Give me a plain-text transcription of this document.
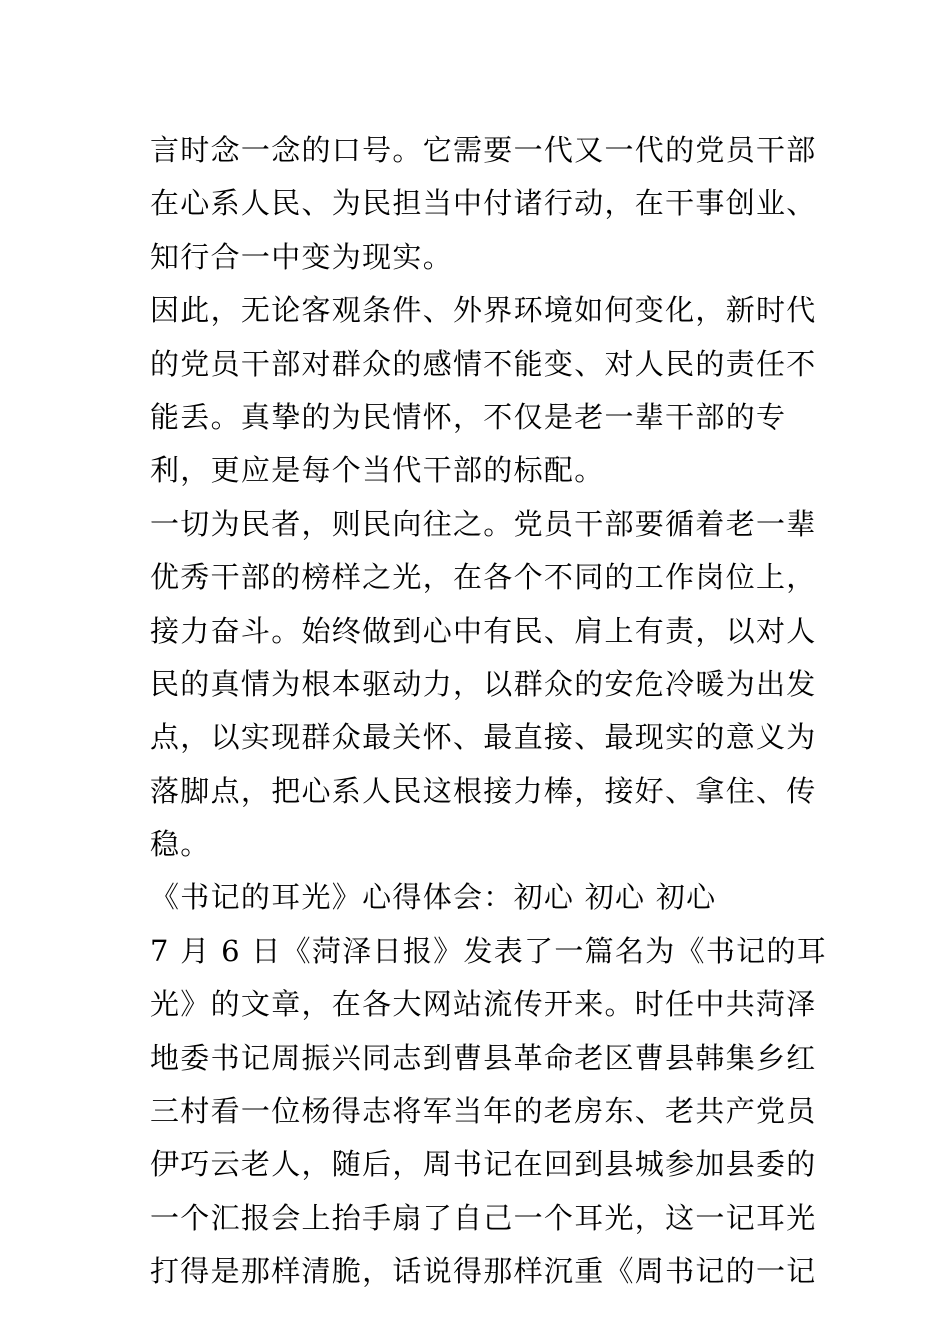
言时念一念的口号。它需要一代又一代的党员干部
在心系人民、为民担当中付诸行动，在干事创业、
知行合一中变为现实。
因此，无论客观条件、外界环境如何变化，新时代
的党员干部对群众的感情不能变、对人民的责任不
能丢。真挚的为民情怀，不仅是老一辈干部的专
利，更应是每个当代干部的标配。
一切为民者，则民向往之。党员干部要循着老一辈
优秀干部的榜样之光，在各个不同的工作岗位上，
接力奋斗。始终做到心中有民、肩上有责，以对人
民的真情为根本驱动力，以群众的安危冷暖为出发
点，以实现群众最关怀、最直接、最现实的意义为
落脚点，把心系人民这根接力棒，接好、拿住、传
稳。
《书记的耳光》心得体会：初心 初心 初心
7 月 6 日《菏泽日报》发表了一篇名为《书记的耳
光》的文章，在各大网站流传开来。时任中共菏泽
地委书记周振兴同志到曹县革命老区曹县韩集乡红
三村看一位杨得志将军当年的老房东、老共产党员
伊巧云老人，随后，周书记在回到县城参加县委的
一个汇报会上抬手扇了自己一个耳光，这一记耳光
打得是那样清脆，话说得那样沉重《周书记的一记
